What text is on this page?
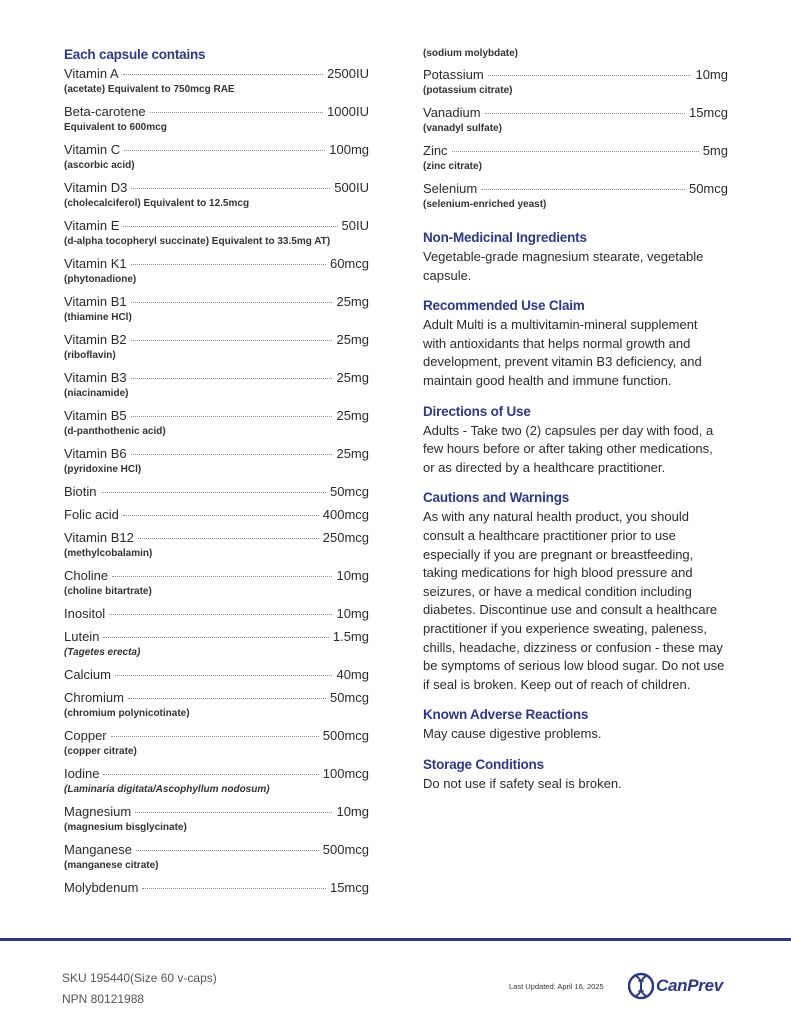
Each capsule contains
Vitamin A	2500IU
(acetate) Equivalent to 750mcg RAE
Beta-carotene	1000IU
Equivalent to 600mcg
Vitamin C	100mg
(ascorbic acid)
Vitamin D3	500IU
(cholecalciferol) Equivalent to 12.5mcg
Vitamin E	50IU
(d-alpha tocopheryl succinate) Equivalent to 33.5mg AT)
Vitamin K1	60mcg
(phytonadione)
Vitamin B1	25mg
(thiamine HCl)
Vitamin B2	25mg
(riboflavin)
Vitamin B3	25mg
(niacinamide)
Vitamin B5	25mg
(d-panthothenic acid)
Vitamin B6	25mg
(pyridoxine HCl)
Biotin	50mcg
Folic acid	400mcg
Vitamin B12	250mcg
(methylcobalamin)
Choline	10mg
(choline bitartrate)
Inositol	10mg
Lutein	1.5mg
(Tagetes erecta)
Calcium	40mg
Chromium	50mcg
(chromium polynicotinate)
Copper	500mcg
(copper citrate)
Iodine	100mcg
(Laminaria digitata/Ascophyllum nodosum)
Magnesium	10mg
(magnesium bisglycinate)
Manganese	500mcg
(manganese citrate)
Molybdenum	15mcg
(sodium molybdate)
Potassium	10mg
(potassium citrate)
Vanadium	15mcg
(vanadyl sulfate)
Zinc	5mg
(zinc citrate)
Selenium	50mcg
(selenium-enriched yeast)
Non-Medicinal Ingredients
Vegetable-grade magnesium stearate, vegetable
capsule.
Recommended Use Claim
Adult Multi is a multivitamin-mineral supplement
with antioxidants that helps normal growth and
development, prevent vitamin B3 deficiency, and
maintain good health and immune function.
Directions of Use
Adults - Take two (2) capsules per day with food, a
few hours before or after taking other medications,
or as directed by a healthcare practitioner.
Cautions and Warnings
As with any natural health product, you should
consult a healthcare practitioner prior to use
especially if you are pregnant or breastfeeding,
taking medications for high blood pressure and
seizures, or have a medical condition including
diabetes. Discontinue use and consult a healthcare
practitioner if you experience sweating, paleness,
chills, headache, dizziness or confusion - these may
be symptoms of serious low blood sugar. Do not use
if seal is broken. Keep out of reach of children.
Known Adverse Reactions
May cause digestive problems.
Storage Conditions
Do not use if safety seal is broken.
SKU 195440(Size 60 v-caps)
NPN 80121988
Last Updated: April 16, 2025	CanPrev
